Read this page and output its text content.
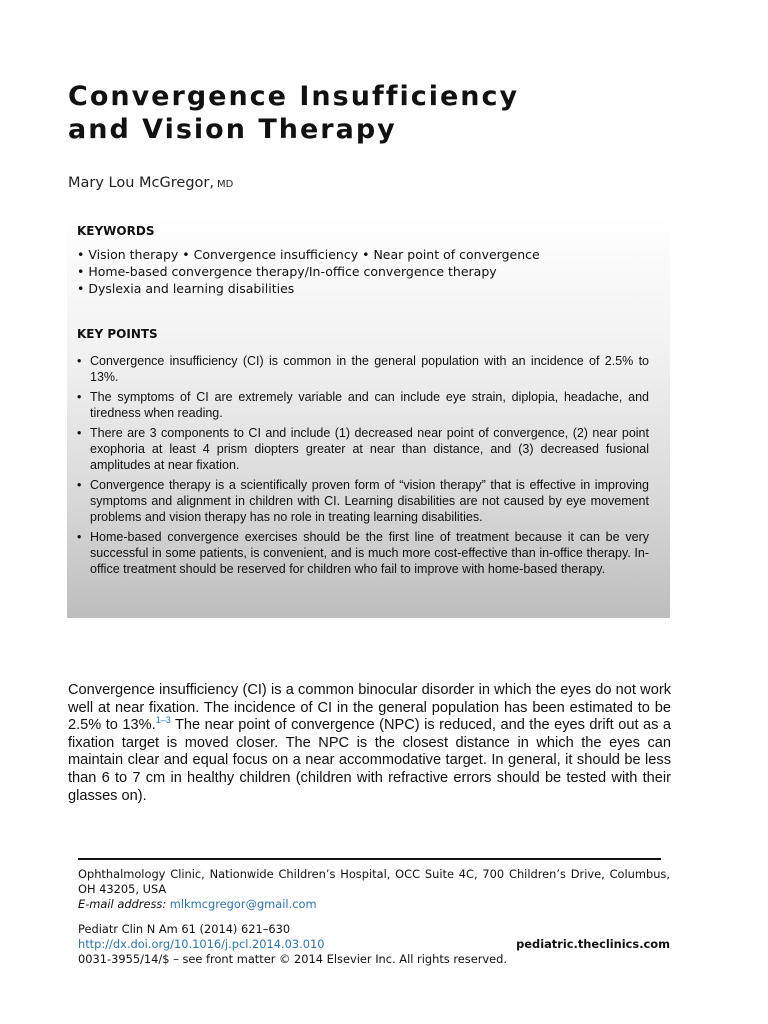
Convergence Insufficiency
and Vision Therapy
Mary Lou McGregor, MD
KEYWORDS
• Vision therapy • Convergence insufficiency • Near point of convergence
• Home-based convergence therapy/In-office convergence therapy
• Dyslexia and learning disabilities
KEY POINTS
• Convergence insufficiency (CI) is common in the general population with an incidence of 2.5% to 13%.
• The symptoms of CI are extremely variable and can include eye strain, diplopia, headache, and tiredness when reading.
• There are 3 components to CI and include (1) decreased near point of convergence, (2) near point exophoria at least 4 prism diopters greater at near than distance, and (3) decreased fusional amplitudes at near fixation.
• Convergence therapy is a scientifically proven form of “vision therapy” that is effective in improving symptoms and alignment in children with CI. Learning disabilities are not caused by eye movement problems and vision therapy has no role in treating learning disabilities.
• Home-based convergence exercises should be the first line of treatment because it can be very successful in some patients, is convenient, and is much more cost-effective than in-office therapy. In-office treatment should be reserved for children who fail to improve with home-based therapy.

Convergence insufficiency (CI) is a common binocular disorder in which the eyes do not work well at near fixation. The incidence of CI in the general population has been estimated to be 2.5% to 13%.$^{1-3}$ The near point of convergence (NPC) is reduced, and the eyes drift out as a fixation target is moved closer. The NPC is the closest distance in which the eyes can maintain clear and equal focus on a near accommodative target. In general, it should be less than 6 to 7 cm in healthy children (children with refractive errors should be tested with their glasses on).

Ophthalmology Clinic, Nationwide Children’s Hospital, OCC Suite 4C, 700 Children’s Drive, Columbus, OH 43205, USA
E-mail address: mlkmcgregor@gmail.com
Pediatr Clin N Am 61 (2014) 621–630
http://dx.doi.org/10.1016/j.pcl.2014.03.010	pediatric.theclinics.com
0031-3955/14/$ – see front matter © 2014 Elsevier Inc. All rights reserved.
